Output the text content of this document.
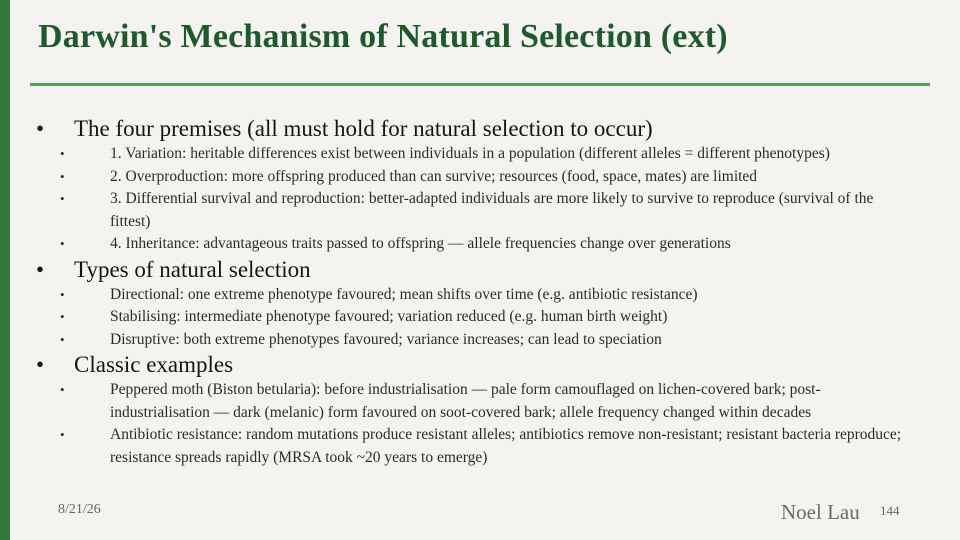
Darwin's Mechanism of Natural Selection (ext)

• The four premises (all must hold for natural selection to occur)

•	1. Variation: heritable differences exist between individuals in a population (different alleles = different phenotypes)

•	2. Overproduction: more offspring produced than can survive; resources (food, space, mates) are limited

•	3. Differential survival and reproduction: better-adapted individuals are more likely to survive to reproduce (survival of the fittest)

•	4. Inheritance: advantageous traits passed to offspring — allele frequencies change over generations

• Types of natural selection

•	Directional: one extreme phenotype favoured; mean shifts over time (e.g. antibiotic resistance)

•	Stabilising: intermediate phenotype favoured; variation reduced (e.g. human birth weight)

•	Disruptive: both extreme phenotypes favoured; variance increases; can lead to speciation

• Classic examples

•	Peppered moth (Biston betularia): before industrialisation — pale form camouflaged on lichen-covered bark; post-industrialisation — dark (melanic) form favoured on soot-covered bark; allele frequency changed within decades

•	Antibiotic resistance: random mutations produce resistant alleles; antibiotics remove non-resistant; resistant bacteria reproduce; resistance spreads rapidly (MRSA took ~20 years to emerge)

8/21/26	Noel Lau 144
